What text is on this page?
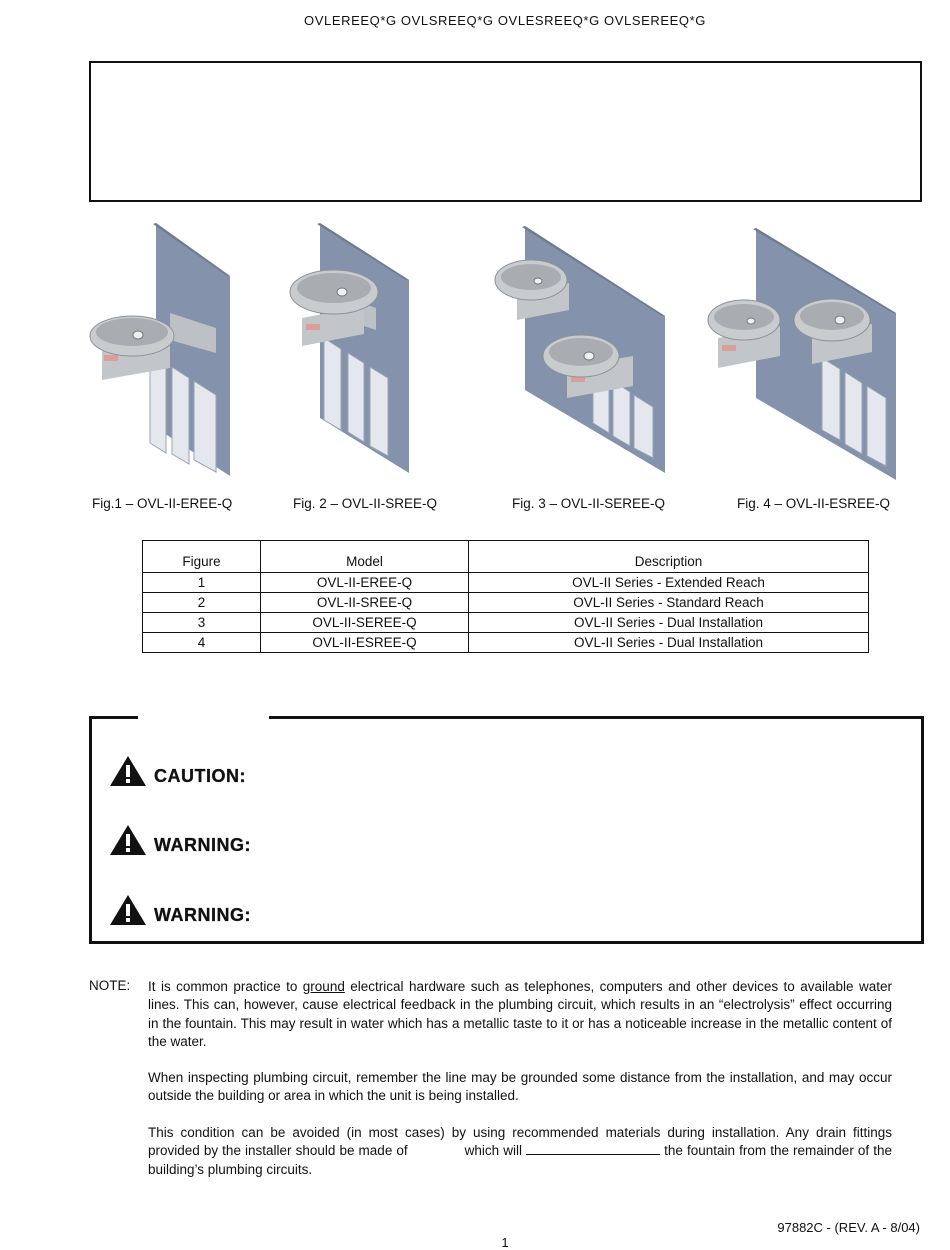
OVLEREEQ*G OVLSREEQ*G OVLESREEQ*G OVLSEREEQ*G
Fig.1 – OVL-II-EREE-Q	Fig. 2 – OVL-II-SREE-Q	Fig. 3 – OVL-II-SEREE-Q	Fig. 4 – OVL-II-ESREE-Q
Figure	Model	Description
1	OVL-II-EREE-Q	OVL-II Series - Extended Reach
2	OVL-II-SREE-Q	OVL-II Series - Standard Reach
3	OVL-II-SEREE-Q	OVL-II Series - Dual Installation
4	OVL-II-ESREE-Q	OVL-II Series - Dual Installation
CAUTION:
WARNING:
WARNING:
NOTE: It is common practice to ground electrical hardware such as telephones, computers and other devices to available water lines. This can, however, cause electrical feedback in the plumbing circuit, which results in an “electrolysis” effect occurring in the fountain. This may result in water which has a metallic taste to it or has a noticeable increase in the metallic content of the water.

When inspecting plumbing circuit, remember the line may be grounded some distance from the installation, and may occur outside the building or area in which the unit is being installed.

This condition can be avoided (in most cases) by using recommended materials during installation. Any drain fittings provided by the installer should be made of	which will	the fountain from the remainder of the building’s plumbing circuits.

97882C - (REV. A - 8/04)
1
